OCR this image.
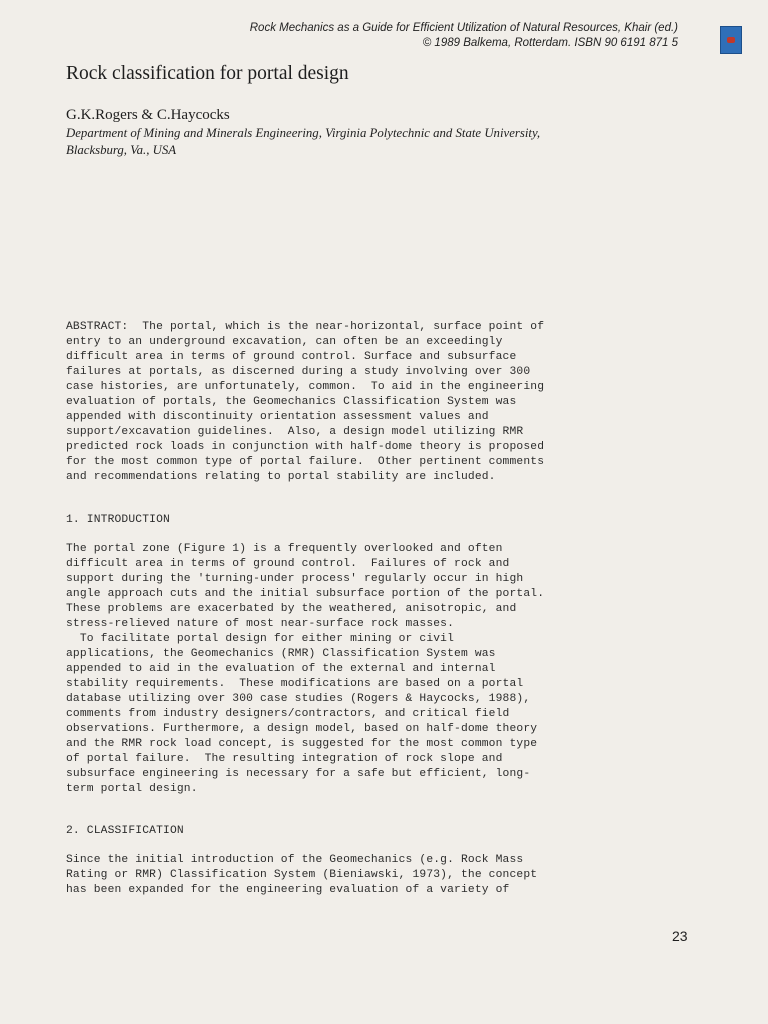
Rock Mechanics as a Guide for Efficient Utilization of Natural Resources, Khair (ed.)
© 1989 Balkema, Rotterdam. ISBN 90 6191 871 5
Rock classification for portal design
G.K.Rogers & C.Haycocks
Department of Mining and Minerals Engineering, Virginia Polytechnic and State University,
Blacksburg, Va., USA
ABSTRACT:  The portal, which is the near-horizontal, surface point of
entry to an underground excavation, can often be an exceedingly
difficult area in terms of ground control. Surface and subsurface
failures at portals, as discerned during a study involving over 300
case histories, are unfortunately, common.  To aid in the engineering
evaluation of portals, the Geomechanics Classification System was
appended with discontinuity orientation assessment values and
support/excavation guidelines.  Also, a design model utilizing RMR
predicted rock loads in conjunction with half-dome theory is proposed
for the most common type of portal failure.  Other pertinent comments
and recommendations relating to portal stability are included.
1. INTRODUCTION
The portal zone (Figure 1) is a frequently overlooked and often
difficult area in terms of ground control.  Failures of rock and
support during the 'turning-under process' regularly occur in high
angle approach cuts and the initial subsurface portion of the portal.
These problems are exacerbated by the weathered, anisotropic, and
stress-relieved nature of most near-surface rock masses.
To facilitate portal design for either mining or civil
applications, the Geomechanics (RMR) Classification System was
appended to aid in the evaluation of the external and internal
stability requirements.  These modifications are based on a portal
database utilizing over 300 case studies (Rogers & Haycocks, 1988),
comments from industry designers/contractors, and critical field
observations. Furthermore, a design model, based on half-dome theory
and the RMR rock load concept, is suggested for the most common type
of portal failure.  The resulting integration of rock slope and
subsurface engineering is necessary for a safe but efficient, long-
term portal design.
2. CLASSIFICATION
Since the initial introduction of the Geomechanics (e.g. Rock Mass
Rating or RMR) Classification System (Bieniawski, 1973), the concept
has been expanded for the engineering evaluation of a variety of
23
